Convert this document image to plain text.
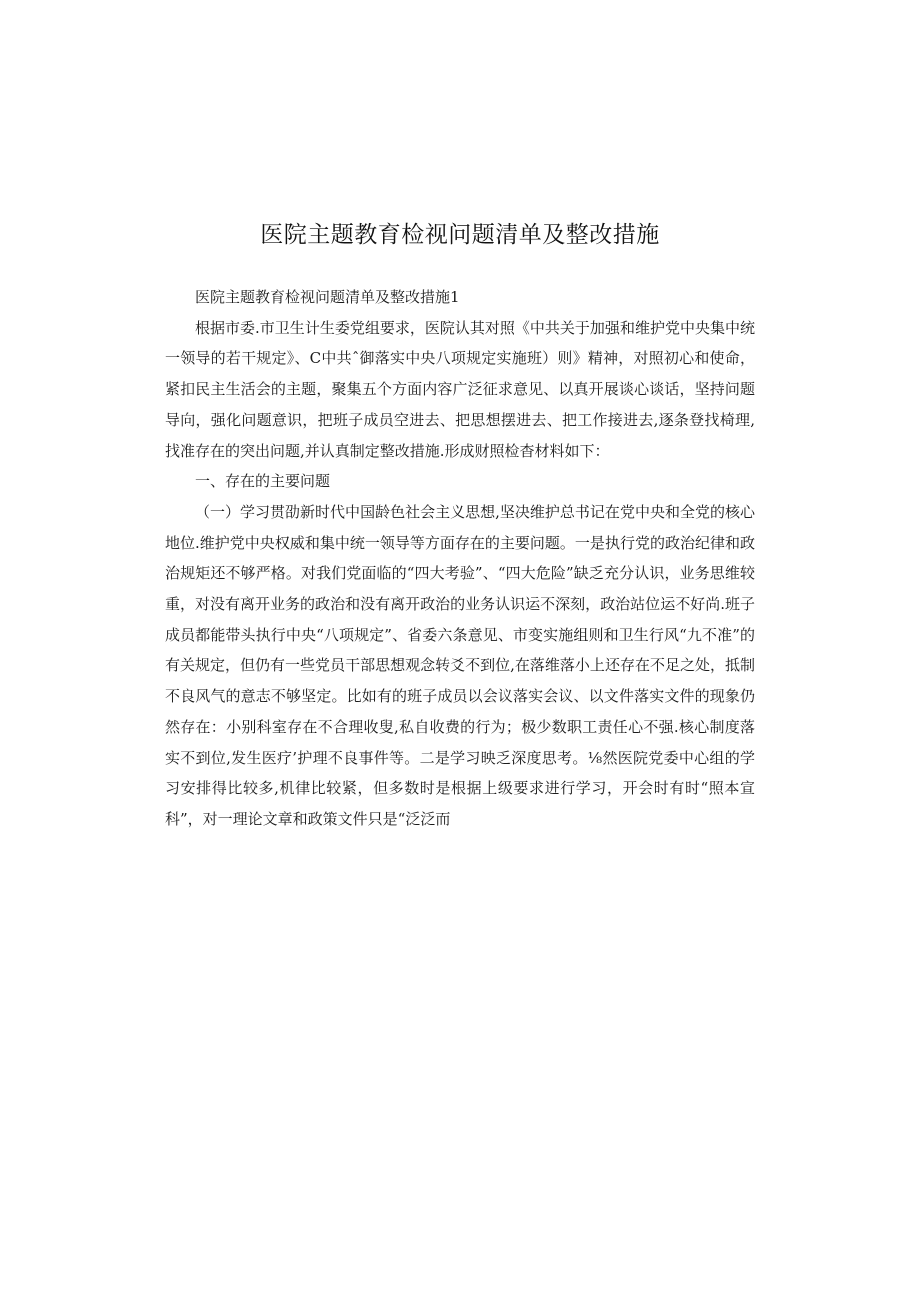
医院主题教育检视问题清单及整改措施

医院主题教育检视问题清单及整改措施1

根据市委.市卫生计生委党组要求，医院认其对照《中共关于加强和维护党中央集中统一领导的若干规定》、C中共ˆ御落实中央八项规定实施班）则》精神，对照初心和使命，紧扣民主生活会的主题，聚集五个方面内容广泛征求意见、以真开展谈心谈话，坚持问题导向，强化问题意识，把班子成员空进去、把思想摆进去、把工作接进去,逐条登找椅理,找准存在的突出问题,并认真制定整改措施.形成财照检杳材料如下：

一、存在的主要问题

（一）学习贯劭新时代中国龄色社会主义思想,坚决维护总书记在党中央和全党的核心地位.维护党中央权威和集中统一领导等方面存在的主要问题。一是执行党的政治纪律和政治规矩还不够严格。对我们党面临的“四大考验”、“四大危险”缺乏充分认识，业务思维较重，对没有离开业务的政治和没有离开政治的业务认识运不深刻，政治站位运不好尚.班子成员都能带头执行中央“八项规定”、省委六条意见、市变实施组则和卫生行风“九不准”的有关规定，但仍有一些党员干部思想观念转爻不到位,在落维落小上还存在不足之处，抵制不良风气的意志不够坚定。比如有的班子成员以会议落实会议、以文件落实文件的现象仍然存在：小别科室存在不合理收叟,私自收费的行为；极少数职工责任心不强.核心制度落实不到位,发生医疗’护理不良事件等。二是学习映乏深度思考。⅛然医院党委中心组的学习安排得比较多,机律比较紧，但多数时是根据上级要求进行学习，开会时有时“照本宣科”，对一理论文章和政策文件只是“泛泛而
